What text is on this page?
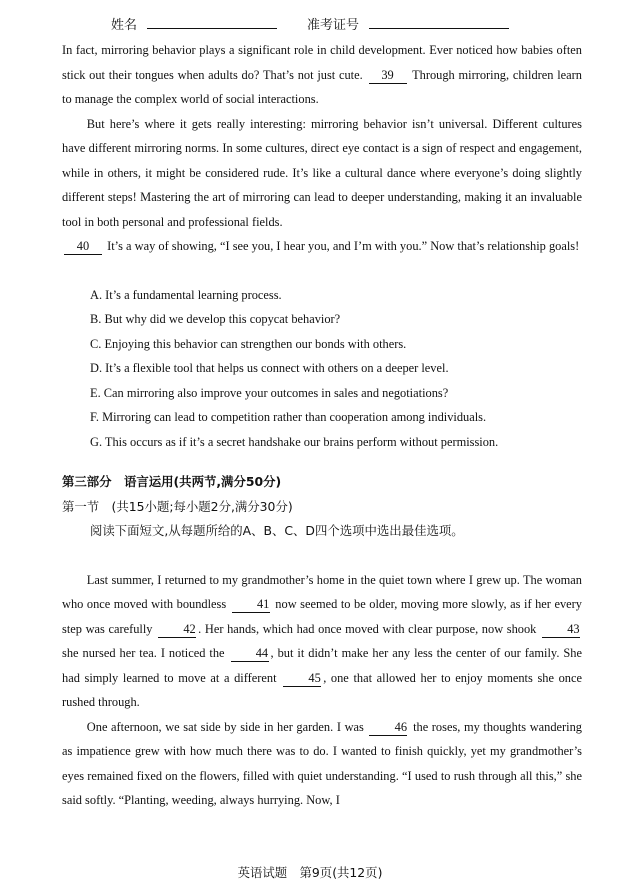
姓名	准考证号

In fact, mirroring behavior plays a significant role in child development. Ever noticed how babies often stick out their tongues when adults do? That’s not just cute. 39 Through mirroring, children learn to manage the complex world of social interactions.

But here’s where it gets really interesting: mirroring behavior isn’t universal. Different cultures have different mirroring norms. In some cultures, direct eye contact is a sign of respect and engagement, while in others, it might be considered rude. It’s like a cultural dance where everyone’s doing slightly different steps! Mastering the art of mirroring can lead to deeper understanding, making it an invaluable tool in both personal and professional fields.

40 It’s a way of showing, “I see you, I hear you, and I’m with you.” Now that’s relationship goals!

A. It’s a fundamental learning process.
B. But why did we develop this copycat behavior?
C. Enjoying this behavior can strengthen our bonds with others.
D. It’s a flexible tool that helps us connect with others on a deeper level.
E. Can mirroring also improve your outcomes in sales and negotiations?
F. Mirroring can lead to competition rather than cooperation among individuals.
G. This occurs as if it’s a secret handshake our brains perform without permission.
第三部分　语言运用(共两节,满分50分)
第一节　(共15小题;每小题2分,满分30分)
阅读下面短文,从每题所给的A、B、C、D四个选项中选出最佳选项。

Last summer, I returned to my grandmother’s home in the quiet town where I grew up. The woman who once moved with boundless 41 now seemed to be older, moving more slowly, as if her every step was carefully 42 . Her hands, which had once moved with clear purpose, now shook 43 she nursed her tea. I noticed the	44 , but it didn’t make her any less the center of our family. She had simply learned to move at a different	45 , one that allowed her to enjoy moments she once rushed through.

One afternoon, we sat side by side in her garden. I was 46 the roses, my thoughts wandering as impatience grew with how much there was to do. I wanted to finish quickly, yet my grandmother’s eyes remained fixed on the flowers, filled with quiet understanding. “I used to rush through all this,” she said softly. “Planting, weeding, always hurrying. Now, I

英语试题　第9页(共12页)
